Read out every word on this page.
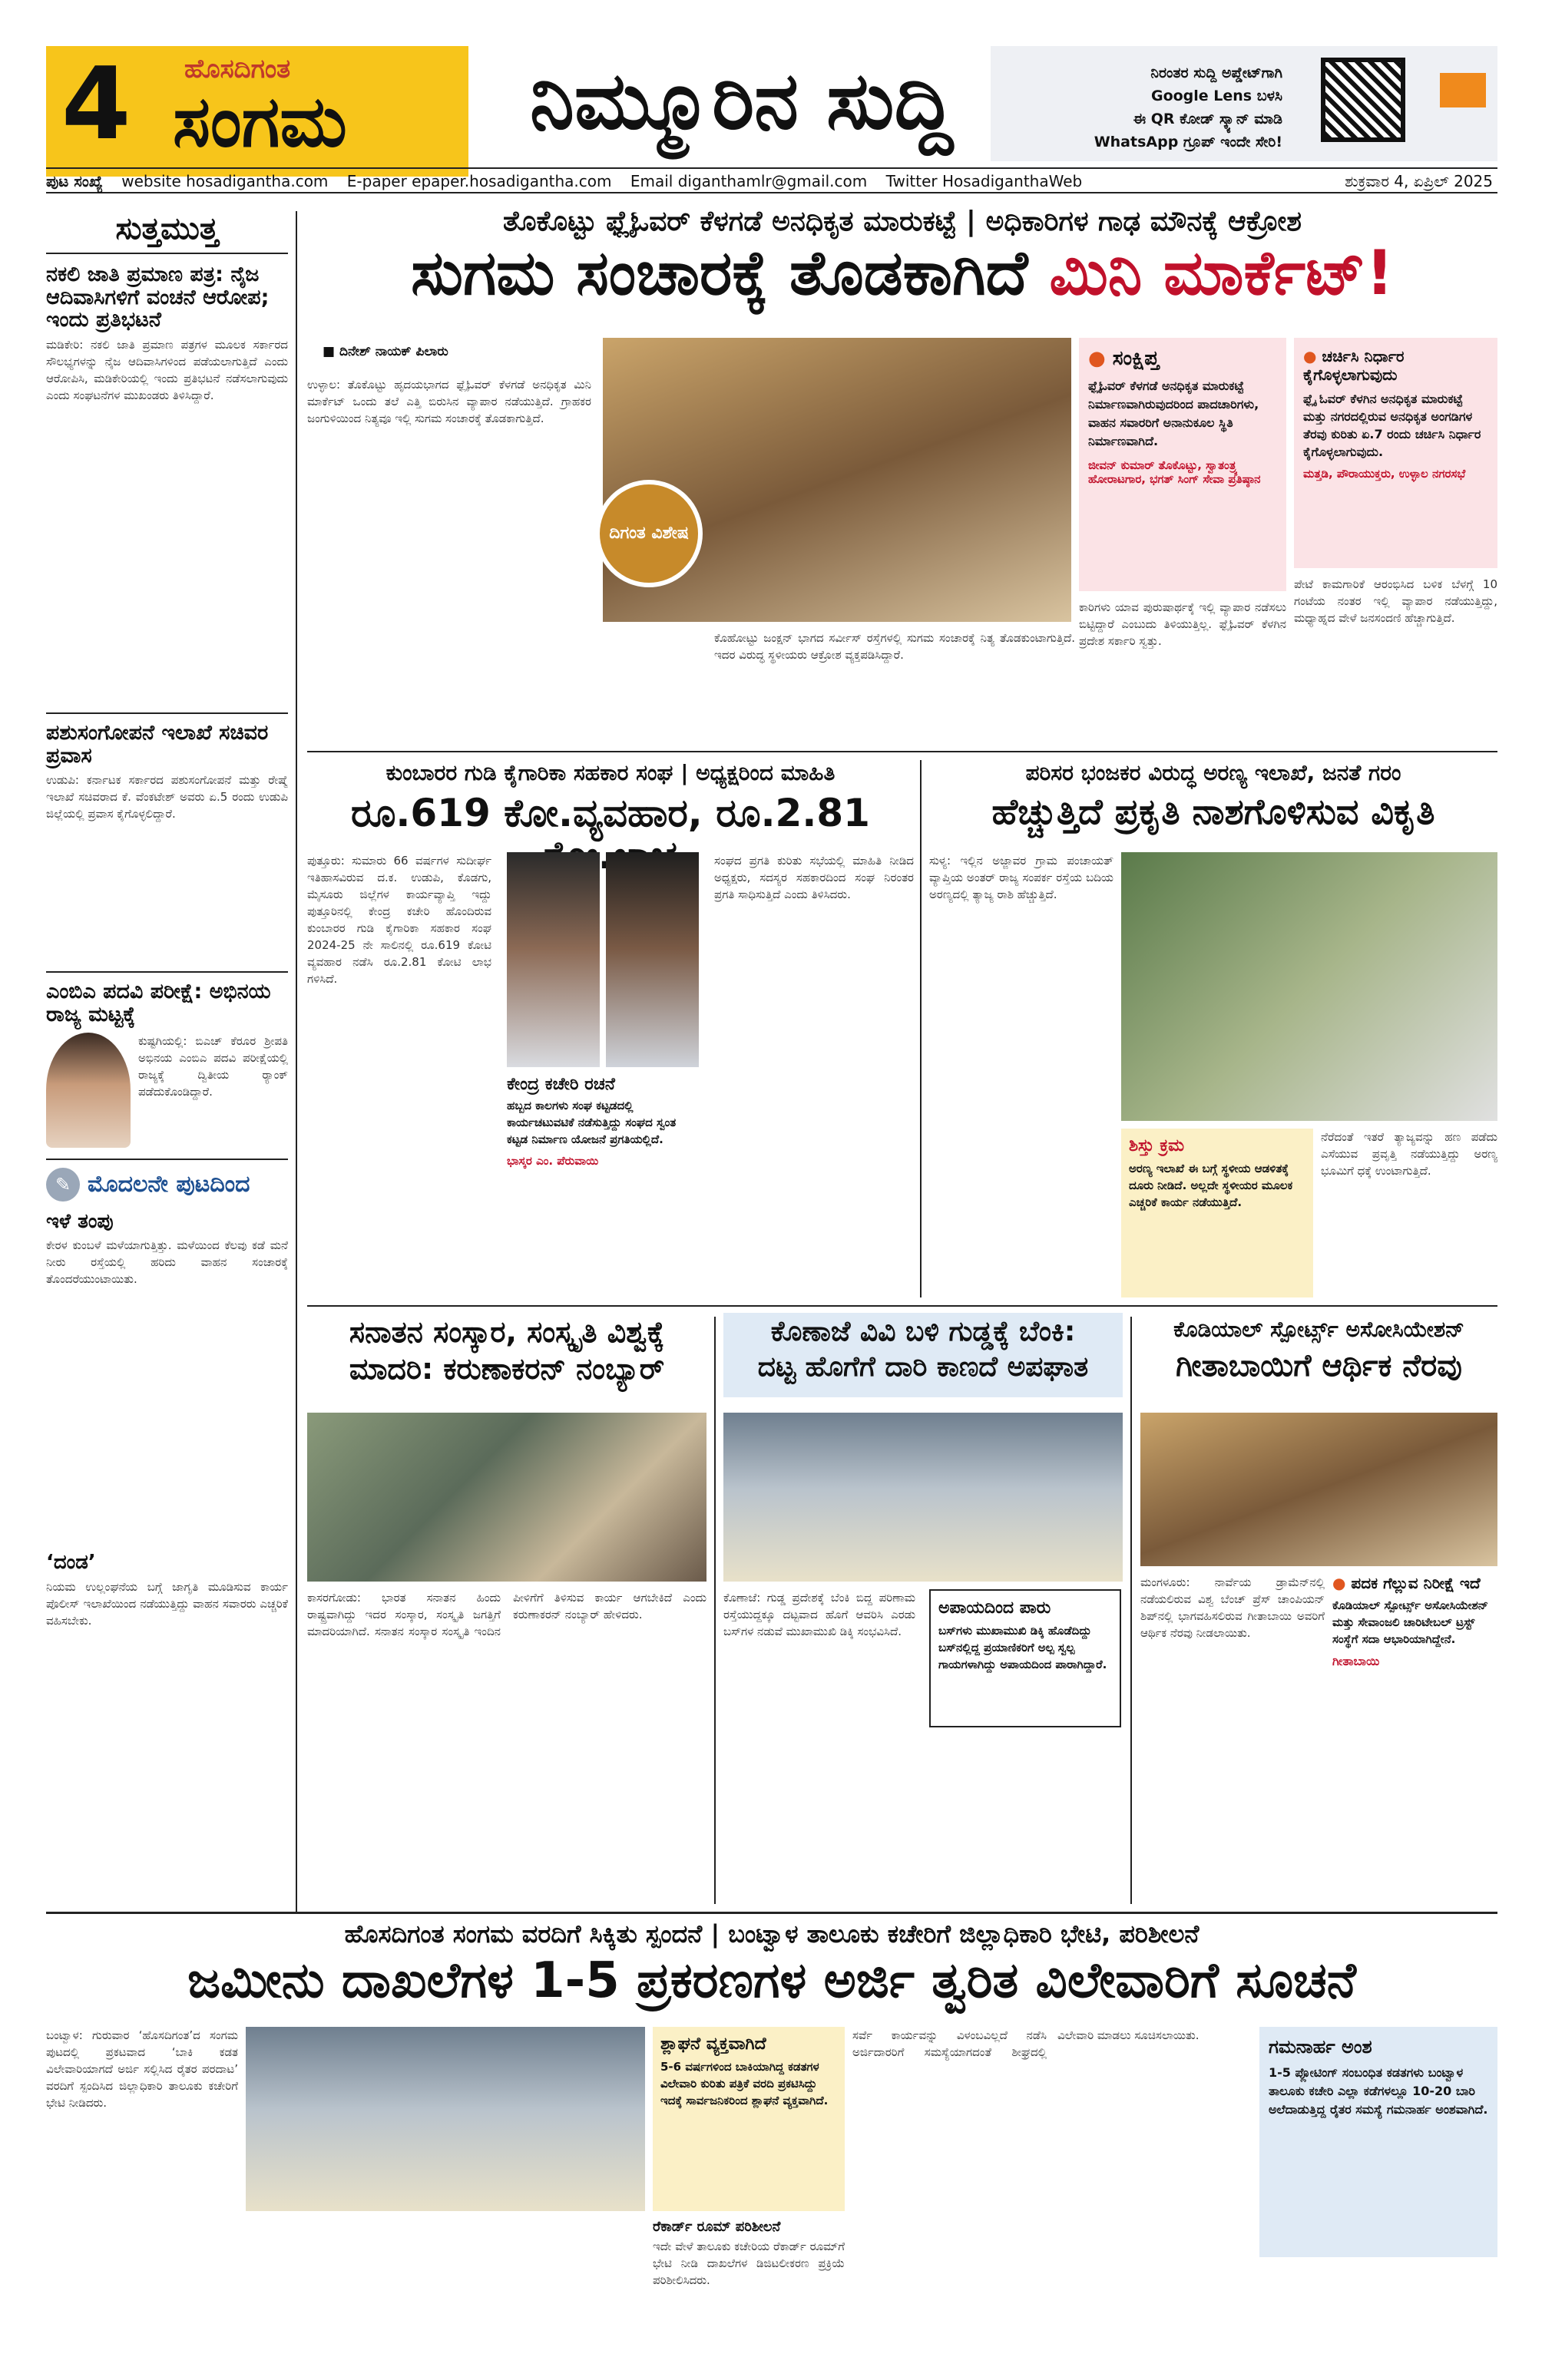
4 ಹೊಸದಿಗಂತ
ಸಂಗಮ ನಿಮ್ಮೂರಿನ ಸುದ್ದಿ	ನಿರಂತರ ಸುದ್ದಿ ಅಪ್ಡೇಟ್‌ಗಾಗಿ
Google Lens ಬಳಸಿ
ಈ QR ಕೋಡ್ ಸ್ಕ್ಯಾನ್ ಮಾಡಿ
WhatsApp ಗ್ರೂಪ್ ಇಂದೇ ಸೇರಿ!
ಪುಟ ಸಂಖ್ಯೆ website hosadigantha.com E-paper epaper.hosadigantha.com Email diganthamlr@gmail.com Twitter HosadiganthaWeb	ಶುಕ್ರವಾರ 4, ಏಪ್ರಿಲ್ 2025
ಸುತ್ತಮುತ್ತ
ನಕಲಿ ಜಾತಿ ಪ್ರಮಾಣ ಪತ್ರ: ನೈಜ ಆದಿವಾಸಿಗಳಿಗೆ ವಂಚನೆ ಆರೋಪ; ಇಂದು ಪ್ರತಿಭಟನೆ
ಮಡಿಕೇರಿ: ನಕಲಿ ಜಾತಿ ಪ್ರಮಾಣ ಪತ್ರಗಳ ಮೂಲಕ ಸರ್ಕಾರದ ಸೌಲಭ್ಯಗಳನ್ನು ನೈಜ ಆದಿವಾಸಿಗಳಿಂದ ಪಡೆಯಲಾಗುತ್ತಿದೆ ಎಂದು ಆರೋಪಿಸಿ, ಮಡಿಕೇರಿಯಲ್ಲಿ ಇಂದು ಪ್ರತಿಭಟನೆ ನಡೆಸಲಾಗುವುದು ಎಂದು ಸಂಘಟನೆಗಳ ಮುಖಂಡರು ತಿಳಿಸಿದ್ದಾರೆ.
ಪಶುಸಂಗೋಪನೆ ಇಲಾಖೆ ಸಚಿವರ ಪ್ರವಾಸ
ಉಡುಪಿ: ಕರ್ನಾಟಕ ಸರ್ಕಾರದ ಪಶುಸಂಗೋಪನೆ ಮತ್ತು ರೇಷ್ಮೆ ಇಲಾಖೆ ಸಚಿವರಾದ ಕೆ. ವೆಂಕಟೇಶ್ ಅವರು ಏ.5 ರಂದು ಉಡುಪಿ ಜಿಲ್ಲೆಯಲ್ಲಿ ಪ್ರವಾಸ ಕೈಗೊಳ್ಳಲಿದ್ದಾರೆ.
ಎಂಬಿಎ ಪದವಿ ಪರೀಕ್ಷೆ: ಅಭಿನಯ ರಾಜ್ಯ ಮಟ್ಟಕ್ಕೆ
ಕುಷ್ಟಗಿಯಲ್ಲಿ: ಬಿಎಚ್ ಕೆರೂರ ಶ್ರೀಪತಿ ಅಭಿನಯ ಎಂಬಿಎ ಪದವಿ ಪರೀಕ್ಷೆಯಲ್ಲಿ ರಾಜ್ಯಕ್ಕೆ ದ್ವಿತೀಯ ರ‍್ಯಾಂಕ್ ಪಡೆದುಕೊಂಡಿದ್ದಾರೆ.
✎ ಮೊದಲನೇ ಪುಟದಿಂದ
ಇಳೆ ತಂಪು
ಕೇರಳ ಕುಂಬಳೆ ಮಳೆಯಾಗುತ್ತಿತ್ತು. ಮಳೆಯಿಂದ ಕೆಲವು ಕಡೆ ಮನೆ ನೀರು ರಸ್ತೆಯಲ್ಲಿ ಹರಿದು ವಾಹನ ಸಂಚಾರಕ್ಕೆ ತೊಂದರೆಯುಂಟಾಯಿತು.
‘ದಂಡ’
ನಿಯಮ ಉಲ್ಲಂಘನೆಯ ಬಗ್ಗೆ ಜಾಗೃತಿ ಮೂಡಿಸುವ ಕಾರ್ಯ ಪೊಲೀಸ್ ಇಲಾಖೆಯಿಂದ ನಡೆಯುತ್ತಿದ್ದು ವಾಹನ ಸವಾರರು ಎಚ್ಚರಿಕೆ ವಹಿಸಬೇಕು.
ತೊಕೊಟ್ಟು ಫ್ಲೈಓವರ್ ಕೆಳಗಡೆ ಅನಧಿಕೃತ ಮಾರುಕಟ್ಟೆ | ಅಧಿಕಾರಿಗಳ ಗಾಢ ಮೌನಕ್ಕೆ ಆಕ್ರೋಶ
ಸುಗಮ ಸಂಚಾರಕ್ಕೆ ತೊಡಕಾಗಿದೆ ಮಿನಿ ಮಾರ್ಕೆಟ್!
■ ದಿನೇಶ್ ನಾಯಕ್ ಪಿಲಾರು
ಉಳ್ಳಾಲ: ತೊಕೊಟ್ಟು ಹೃದಯಭಾಗದ ಫ್ಲೈಓವರ್ ಕೆಳಗಡೆ ಅನಧಿಕೃತ ಮಿನಿ ಮಾರ್ಕೆಟ್ ಒಂದು ತಲೆ ಎತ್ತಿ ಬಿರುಸಿನ ವ್ಯಾಪಾರ ನಡೆಯುತ್ತಿದೆ. ಗ್ರಾಹಕರ ಜಂಗುಳಿಯಿಂದ ನಿತ್ಯವೂ ಇಲ್ಲಿ ಸುಗಮ ಸಂಚಾರಕ್ಕೆ ತೊಡಕಾಗುತ್ತಿದೆ.
ದಿಗಂತ ವಿಶೇಷ
ಕೊಹೋಟ್ಟು ಜಂಕ್ಷನ್ ಭಾಗದ ಸರ್ವೀಸ್ ರಸ್ತೆಗಳಲ್ಲಿ ಸುಗಮ ಸಂಚಾರಕ್ಕೆ ನಿತ್ಯ ತೊಡಕುಂಟಾಗುತ್ತಿದೆ. ಇದರ ವಿರುದ್ಧ ಸ್ಥಳೀಯರು ಆಕ್ರೋಶ ವ್ಯಕ್ತಪಡಿಸಿದ್ದಾರೆ.
● ಸಂಕ್ಷಿಪ್ತ
ಫ್ಲೈಓವರ್ ಕೆಳಗಡೆ ಅನಧಿಕೃತ ಮಾರುಕಟ್ಟೆ ನಿರ್ಮಾಣವಾಗಿರುವುದರಿಂದ ಪಾದಚಾರಿಗಳು, ವಾಹನ ಸವಾರರಿಗೆ ಅನಾನುಕೂಲ ಸ್ಥಿತಿ ನಿರ್ಮಾಣವಾಗಿದೆ.
ಜೀವನ್ ಕುಮಾರ್ ತೊಕೊಟ್ಟು, ಸ್ವಾತಂತ್ರ್ಯ ಹೋರಾಟಗಾರ, ಭಗತ್ ಸಿಂಗ್ ಸೇವಾ ಪ್ರತಿಷ್ಠಾನ
ಕಾರಿಗಳು ಯಾವ ಪುರುಷಾರ್ಥಕ್ಕೆ ಇಲ್ಲಿ ವ್ಯಾಪಾರ ನಡೆಸಲು ಬಿಟ್ಟಿದ್ದಾರೆ ಎಂಬುದು ತಿಳಿಯುತ್ತಿಲ್ಲ. ಫ್ಲೈಓವರ್ ಕೆಳಗಿನ ಪ್ರದೇಶ ಸರ್ಕಾರಿ ಸ್ವತ್ತು.
● ಚರ್ಚಿಸಿ ನಿರ್ಧಾರ ಕೈಗೊಳ್ಳಲಾಗುವುದು
ಫ್ಲೈ ಓವರ್ ಕೆಳಗಿನ ಅನಧಿಕೃತ ಮಾರುಕಟ್ಟೆ ಮತ್ತು ನಗರದಲ್ಲಿರುವ ಅನಧಿಕೃತ ಅಂಗಡಿಗಳ ತೆರವು ಕುರಿತು ಏ.7 ರಂದು ಚರ್ಚಿಸಿ ನಿರ್ಧಾರ ಕೈಗೊಳ್ಳಲಾಗುವುದು.
ಮತ್ತಡಿ, ಪೌರಾಯುಕ್ತರು, ಉಳ್ಳಾಲ ನಗರಸಭೆ
ಪೇಟೆ ಕಾಮಗಾರಿಕೆ ಆರಂಭಿಸಿದ ಬಳಿಕ ಬೆಳಗ್ಗೆ 10 ಗಂಟೆಯ ನಂತರ ಇಲ್ಲಿ ವ್ಯಾಪಾರ ನಡೆಯುತ್ತಿದ್ದು, ಮಧ್ಯಾಹ್ನದ ವೇಳೆ ಜನಸಂದಣಿ ಹೆಚ್ಚಾಗುತ್ತಿದೆ.
ಕುಂಬಾರರ ಗುಡಿ ಕೈಗಾರಿಕಾ ಸಹಕಾರ ಸಂಘ | ಅಧ್ಯಕ್ಷರಿಂದ ಮಾಹಿತಿ
ರೂ.619 ಕೋ.ವ್ಯವಹಾರ, ರೂ.2.81
ಪುತ್ತೂರು: ಸುಮಾರು 66 ವರ್ಷಗಳ ಸುದೀರ್ಘ ಇತಿಹಾಸವಿರುವ ದ.ಕ. ಉಡುಪಿ, ಕೊಡಗು, ಮೈಸೂರು ಜಿಲ್ಲೆಗಳ ಕಾರ್ಯವ್ಯಾಪ್ತಿ ಇದ್ದು ಪುತ್ತೂರಿನಲ್ಲಿ ಕೇಂದ್ರ ಕಚೇರಿ ಹೊಂದಿರುವ ಕುಂಬಾರರ ಗುಡಿ ಕೈಗಾರಿಕಾ ಸಹಕಾರ ಸಂಘ 2024-25 ನೇ ಸಾಲಿನಲ್ಲಿ ರೂ.619 ಕೋಟಿ ವ್ಯವಹಾರ ನಡೆಸಿ ರೂ.2.81 ಕೋಟಿ ಲಾಭ ಗಳಿಸಿದೆ.
ಕೇಂದ್ರ ಕಚೇರಿ ರಚನೆ
ಹಬ್ಬದ ಕಾಲಗಳು ಸಂಘ ಕಟ್ಟಡದಲ್ಲಿ ಕಾರ್ಯಚಟುವಟಿಕೆ ನಡೆಸುತ್ತಿದ್ದು ಸಂಘದ ಸ್ವಂತ ಕಟ್ಟಡ ನಿರ್ಮಾಣ ಯೋಜನೆ ಪ್ರಗತಿಯಲ್ಲಿದೆ.
ಭಾಸ್ಕರ ಎಂ. ಪೆರುವಾಯಿ
ಸಂಘದ ಪ್ರಗತಿ ಕುರಿತು ಸಭೆಯಲ್ಲಿ ಮಾಹಿತಿ ನೀಡಿದ ಅಧ್ಯಕ್ಷರು, ಸದಸ್ಯರ ಸಹಕಾರದಿಂದ ಸಂಘ ನಿರಂತರ ಪ್ರಗತಿ ಸಾಧಿಸುತ್ತಿದೆ ಎಂದು ತಿಳಿಸಿದರು.
ಪರಿಸರ ಭಂಜಕರ ವಿರುದ್ಧ ಅರಣ್ಯ ಇಲಾಖೆ, ಜನತೆ ಗರಂ
ಹೆಚ್ಚುತ್ತಿದೆ ಪ್ರಕೃತಿ ನಾಶಗೊಳಿಸುವ ವಿಕೃತಿ
ಸುಳ್ಯ: ಇಲ್ಲಿನ ಅಜ್ಜಾವರ ಗ್ರಾಮ ಪಂಚಾಯತ್ ವ್ಯಾಪ್ತಿಯ ಅಂತರ್ ರಾಜ್ಯ ಸಂಪರ್ಕ ರಸ್ತೆಯ ಬದಿಯ ಅರಣ್ಯದಲ್ಲಿ ತ್ಯಾಜ್ಯ ರಾಶಿ ಹೆಚ್ಚುತ್ತಿದೆ.
ಶಿಸ್ತು ಕ್ರಮ
ಅರಣ್ಯ ಇಲಾಖೆ ಈ ಬಗ್ಗೆ ಸ್ಥಳೀಯ ಆಡಳಿತಕ್ಕೆ ದೂರು ನೀಡಿದೆ. ಅಲ್ಲದೇ ಸ್ಥಳೀಯರ ಮೂಲಕ ಎಚ್ಚರಿಕೆ ಕಾರ್ಯ ನಡೆಯುತ್ತಿದೆ.
ನೆರೆದಂತೆ ಇತರೆ ತ್ಯಾಜ್ಯವನ್ನು ಹಣ ಪಡೆದು ಎಸೆಯುವ ಪ್ರವೃತ್ತಿ ನಡೆಯುತ್ತಿದ್ದು ಅರಣ್ಯ ಭೂಮಿಗೆ ಧಕ್ಕೆ ಉಂಟಾಗುತ್ತಿದೆ.
ಸನಾತನ ಸಂಸ್ಕಾರ, ಸಂಸ್ಕೃತಿ ವಿಶ್ವಕ್ಕೆ
ಮಾದರಿ: ಕರುಣಾಕರನ್ ನಂಬ್ಯಾರ್
ಕಾಸರಗೋಡು: ಭಾರತ ಸನಾತನ ಹಿಂದು ರಾಷ್ಟ್ರವಾಗಿದ್ದು ಇದರ ಸಂಸ್ಕಾರ, ಸಂಸ್ಕೃತಿ ಜಗತ್ತಿಗೆ ಮಾದರಿಯಾಗಿದೆ. ಸನಾತನ ಸಂಸ್ಕಾರ ಸಂಸ್ಕೃತಿ ಇಂದಿನ ಪೀಳಿಗೆಗೆ ತಿಳಿಸುವ ಕಾರ್ಯ ಆಗಬೇಕಿದೆ ಎಂದು ಕರುಣಾಕರನ್ ನಂಬ್ಯಾರ್ ಹೇಳಿದರು.
ಕೊಣಾಜೆ ವಿವಿ ಬಳಿ ಗುಡ್ಡಕ್ಕೆ ಬೆಂಕಿ:
ದಟ್ಟ ಹೊಗೆಗೆ ದಾರಿ ಕಾಣದೆ ಅಪಘಾತ
ಕೊಣಾಜೆ: ಗುಡ್ಡ ಪ್ರದೇಶಕ್ಕೆ ಬೆಂಕಿ ಬಿದ್ದ ಪರಿಣಾಮ ರಸ್ತೆಯುದ್ದಕ್ಕೂ ದಟ್ಟವಾದ ಹೊಗೆ ಆವರಿಸಿ ಎರಡು ಬಸ್‌ಗಳ ನಡುವೆ ಮುಖಾಮುಖಿ ಡಿಕ್ಕಿ ಸಂಭವಿಸಿದೆ.
ಅಪಾಯದಿಂದ ಪಾರು
ಬಸ್‌ಗಳು ಮುಖಾಮುಖಿ ಡಿಕ್ಕಿ ಹೊಡೆದಿದ್ದು ಬಸ್‌ನಲ್ಲಿದ್ದ ಪ್ರಯಾಣಿಕರಿಗೆ ಅಲ್ಪ ಸ್ವಲ್ಪ ಗಾಯಗಳಾಗಿದ್ದು ಅಪಾಯದಿಂದ ಪಾರಾಗಿದ್ದಾರೆ.
ಕೊಡಿಯಾಲ್ ಸ್ಪೋರ್ಟ್ಸ್ ಅಸೋಸಿಯೇಶನ್
ಗೀತಾಬಾಯಿಗೆ ಆರ್ಥಿಕ ನೆರವು
ಮಂಗಳೂರು: ನಾರ್ವೆಯ ಡ್ರಾಮೆನ್‌ನಲ್ಲಿ ನಡೆಯಲಿರುವ ವಿಶ್ವ ಬೆಂಚ್ ಪ್ರೆಸ್ ಚಾಂಪಿಯನ್ ಶಿಪ್‌ನಲ್ಲಿ ಭಾಗವಹಿಸಲಿರುವ ಗೀತಾಬಾಯಿ ಅವರಿಗೆ ಆರ್ಥಿಕ ನೆರವು ನೀಡಲಾಯಿತು.
● ಪದಕ ಗೆಲ್ಲುವ ನಿರೀಕ್ಷೆ ಇದೆ
ಕೊಡಿಯಾಲ್ ಸ್ಪೋರ್ಟ್ಸ್ ಅಸೋಸಿಯೇಶನ್ ಮತ್ತು ಸೇವಾಂಜಲಿ ಚಾರಿಟೇಬಲ್ ಟ್ರಸ್ಟ್ ಸಂಸ್ಥೆಗೆ ಸದಾ ಆಭಾರಿಯಾಗಿದ್ದೇನೆ.
ಗೀತಾಬಾಯಿ
ಹೊಸದಿಗಂತ ಸಂಗಮ ವರದಿಗೆ ಸಿಕ್ಕಿತು ಸ್ಪಂದನೆ | ಬಂಟ್ವಾಳ ತಾಲೂಕು ಕಚೇರಿಗೆ ಜಿಲ್ಲಾಧಿಕಾರಿ ಭೇಟಿ, ಪರಿಶೀಲನೆ
ಜಮೀನು ದಾಖಲೆಗಳ 1-5 ಪ್ರಕರಣಗಳ ಅರ್ಜಿ ತ್ವರಿತ ವಿಲೇವಾರಿಗೆ ಸೂಚನೆ
ಬಂಟ್ವಾಳ: ಗುರುವಾರ ‘ಹೊಸದಿಗಂತ’ದ ಸಂಗಮ ಪುಟದಲ್ಲಿ ಪ್ರಕಟವಾದ ‘ಬಾಕಿ ಕಡತ ವಿಲೇವಾರಿಯಾಗದೆ ಅರ್ಜಿ ಸಲ್ಲಿಸಿದ ರೈತರ ಪರದಾಟ’ ವರದಿಗೆ ಸ್ಪಂದಿಸಿದ ಜಿಲ್ಲಾಧಿಕಾರಿ ತಾಲೂಕು ಕಚೇರಿಗೆ ಭೇಟಿ ನೀಡಿದರು.
ಶ್ಲಾಘನೆ ವ್ಯಕ್ತವಾಗಿದೆ
5-6 ವರ್ಷಗಳಿಂದ ಬಾಕಿಯಾಗಿದ್ದ ಕಡತಗಳ ವಿಲೇವಾರಿ ಕುರಿತು ಪತ್ರಿಕೆ ವರದಿ ಪ್ರಕಟಿಸಿದ್ದು ಇದಕ್ಕೆ ಸಾರ್ವಜನಿಕರಿಂದ ಶ್ಲಾಘನೆ ವ್ಯಕ್ತವಾಗಿದೆ.
ರೆಕಾರ್ಡ್ ರೂಮ್ ಪರಿಶೀಲನೆ
ಇದೇ ವೇಳೆ ತಾಲೂಕು ಕಚೇರಿಯ ರೆಕಾರ್ಡ್ ರೂಮ್‌ಗೆ ಭೇಟಿ ನೀಡಿ ದಾಖಲೆಗಳ ಡಿಜಿಟಲೀಕರಣ ಪ್ರಕ್ರಿಯೆ ಪರಿಶೀಲಿಸಿದರು.
ಸರ್ವೆ ಕಾರ್ಯವನ್ನು ವಿಳಂಬವಿಲ್ಲದೆ ನಡೆಸಿ ಅರ್ಜಿದಾರರಿಗೆ ಸಮಸ್ಯೆಯಾಗದಂತೆ ಶೀಘ್ರದಲ್ಲಿ ವಿಲೇವಾರಿ ಮಾಡಲು ಸೂಚಿಸಲಾಯಿತು.
ಗಮನಾರ್ಹ ಅಂಶ
1-5 ಪ್ಲೋಟಿಂಗ್ ಸಂಬಂಧಿತ ಕಡತಗಳು ಬಂಟ್ವಾಳ ತಾಲೂಕು ಕಚೇರಿ ಎಲ್ಲಾ ಕಡೆಗಳಲ್ಲೂ 10-20 ಬಾರಿ ಅಲೆದಾಡುತ್ತಿದ್ದ ರೈತರ ಸಮಸ್ಯೆ ಗಮನಾರ್ಹ ಅಂಶವಾಗಿದೆ.
